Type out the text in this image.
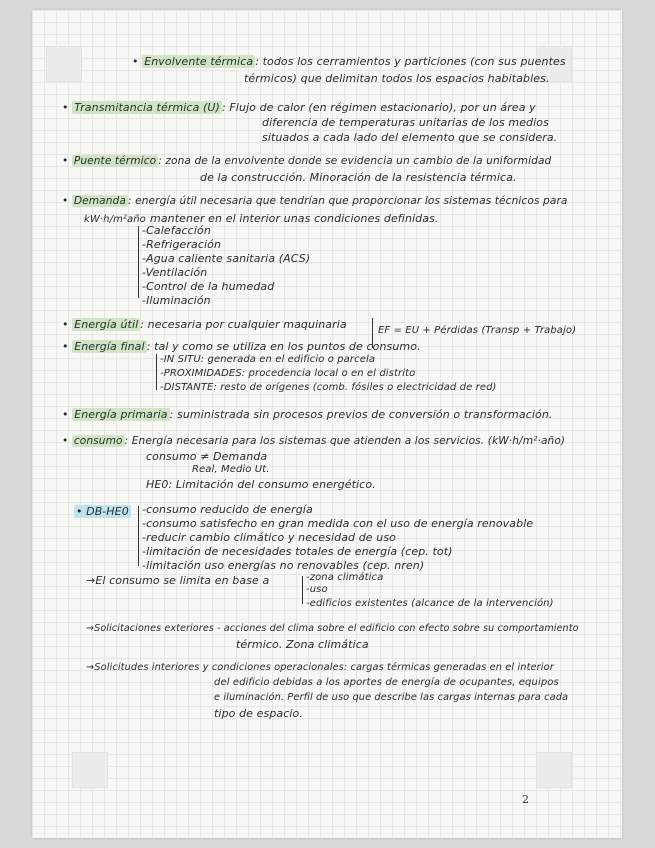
• Envolvente térmica : todos los cerramientos y particiones (con sus puentes
térmicos) que delimitan todos los espacios habitables.
• Transmitancia térmica (U) : Flujo de calor (en régimen estacionario), por un área y
diferencia de temperaturas unitarias de los medios
situados a cada lado del elemento que se considera.
• Puente térmico : zona de la envolvente donde se evidencia un cambio de la uniformidad
de la construcción. Minoración de la resistencia térmica.
• Demanda : energía útil necesaria que tendrían que proporcionar los sistemas técnicos para
kW·h/m²año mantener en el interior unas condiciones definidas.
-Calefacción
-Refrigeración
-Agua caliente sanitaria (ACS)
-Ventilación
-Control de la humedad
-Iluminación
• Energía útil : necesaria por cualquier maquinaria	EF = EU + Pérdidas (Transp + Trabajo)
• Energía final : tal y como se utiliza en los puntos de consumo.
-IN SITU: generada en el edificio o parcela
-PROXIMIDADES: procedencia local o en el distrito
-DISTANTE: resto de orígenes (comb. fósiles o electricidad de red)
• Energía primaria : suministrada sin procesos previos de conversión o transformación.
• consumo : Energía necesaria para los sistemas que atienden a los servicios. (kW·h/m²·año)
consumo ≠ Demanda
Real, Medio Ut.
HE0: Limitación del consumo energético.
• DB-HE0 -consumo reducido de energía
-consumo satisfecho en gran medida con el uso de energía renovable
-reducir cambio climático y necesidad de uso
-limitación de necesidades totales de energía (cep. tot)
-limitación uso energías no renovables (cep. nren)
→El consumo se limita en base a	-zona climática
-uso
-edificios existentes (alcance de la intervención)
→Solicitaciones exteriores - acciones del clima sobre el edificio con efecto sobre su comportamiento
térmico. Zona climática
→Solicitudes interiores y condiciones operacionales: cargas térmicas generadas en el interior
del edificio debidas a los aportes de energía de ocupantes, equipos
e iluminación. Perfil de uso que describe las cargas internas para cada
tipo de espacio.
2
